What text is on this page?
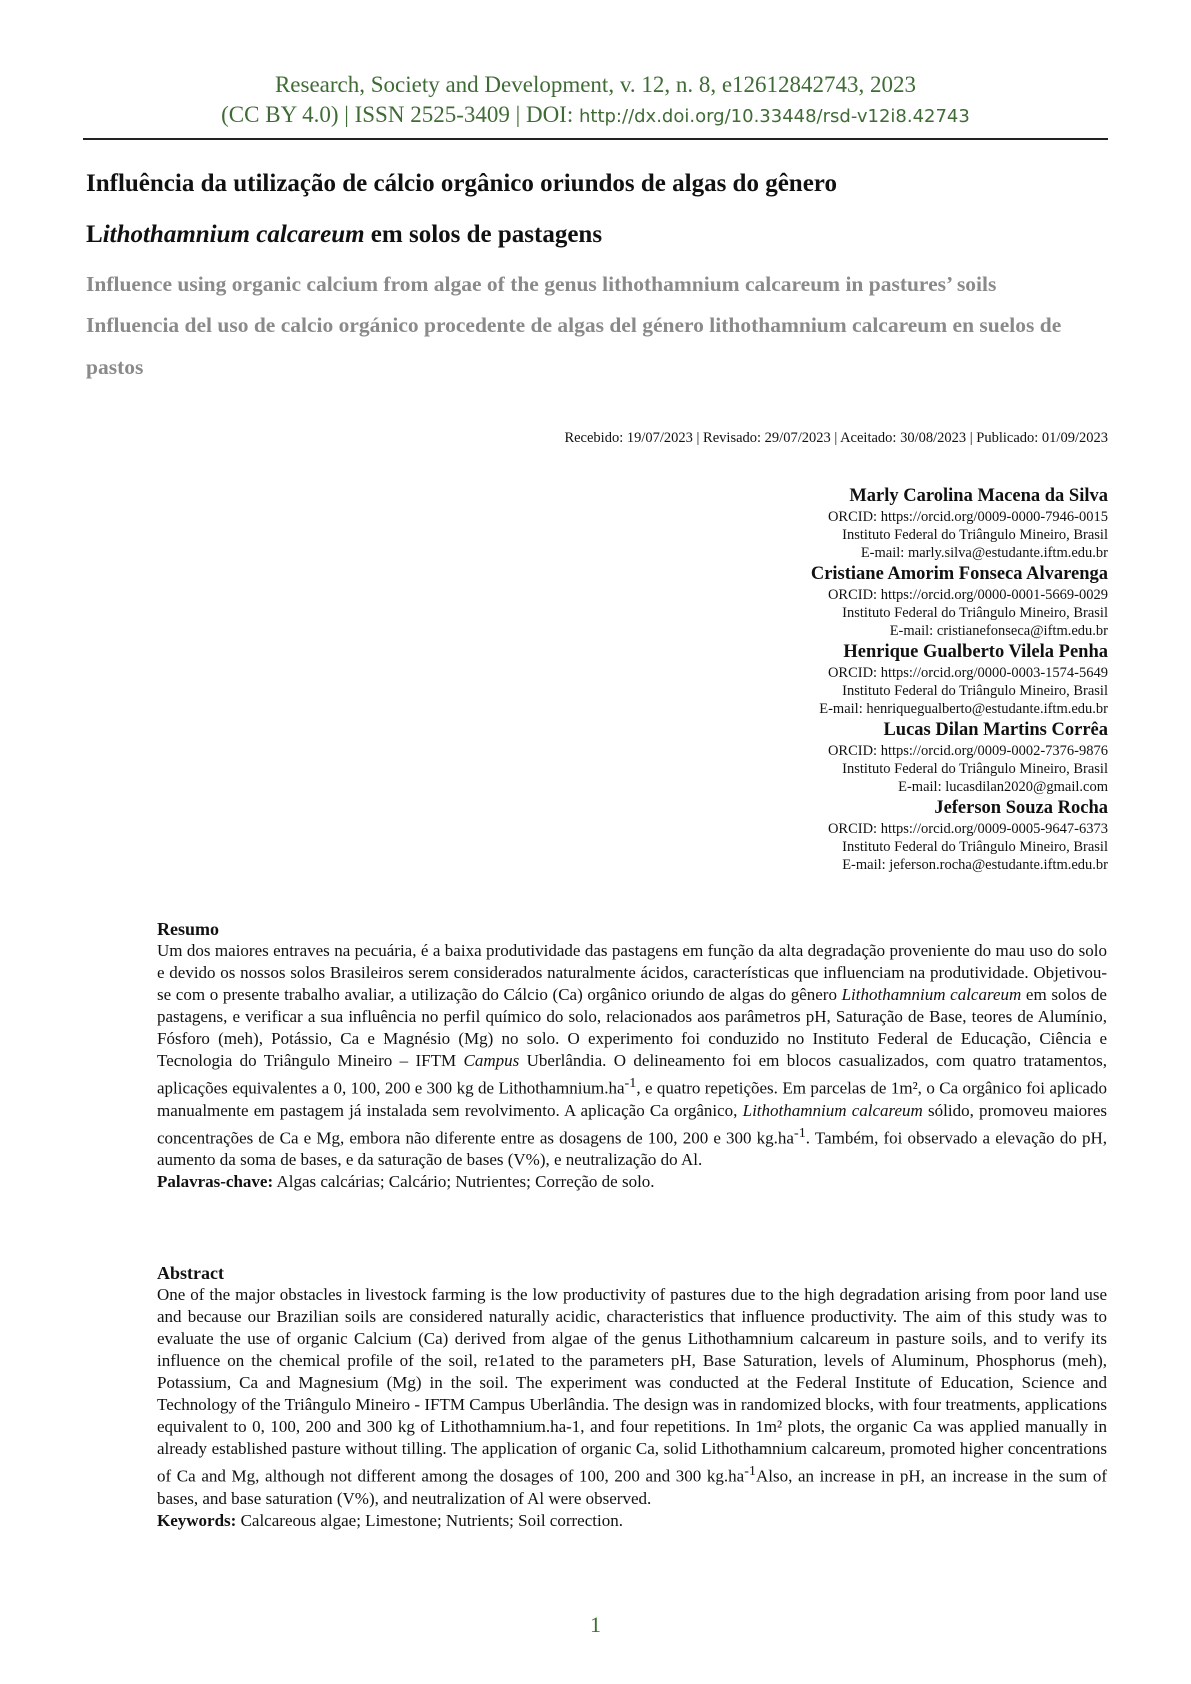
Research, Society and Development, v. 12, n. 8, e12612842743, 2023
(CC BY 4.0) | ISSN 2525-3409 | DOI: http://dx.doi.org/10.33448/rsd-v12i8.42743
Influência da utilização de cálcio orgânico oriundos de algas do gênero
Lithothamnium calcareum em solos de pastagens
Influence using organic calcium from algae of the genus lithothamnium calcareum in pastures’ soils
Influencia del uso de calcio orgánico procedente de algas del género lithothamnium calcareum en suelos de pastos
Recebido: 19/07/2023 | Revisado: 29/07/2023 | Aceitado: 30/08/2023 | Publicado: 01/09/2023
Marly Carolina Macena da Silva
ORCID: https://orcid.org/0009-0000-7946-0015
Instituto Federal do Triângulo Mineiro, Brasil
E-mail: marly.silva@estudante.iftm.edu.br
Cristiane Amorim Fonseca Alvarenga
ORCID: https://orcid.org/0000-0001-5669-0029
Instituto Federal do Triângulo Mineiro, Brasil
E-mail: cristianefonseca@iftm.edu.br
Henrique Gualberto Vilela Penha
ORCID: https://orcid.org/0000-0003-1574-5649
Instituto Federal do Triângulo Mineiro, Brasil
E-mail: henriquegualberto@estudante.iftm.edu.br
Lucas Dilan Martins Corrêa
ORCID: https://orcid.org/0009-0002-7376-9876
Instituto Federal do Triângulo Mineiro, Brasil
E-mail: lucasdilan2020@gmail.com
Jeferson Souza Rocha
ORCID: https://orcid.org/0009-0005-9647-6373
Instituto Federal do Triângulo Mineiro, Brasil
E-mail: jeferson.rocha@estudante.iftm.edu.br
Resumo

Um dos maiores entraves na pecuária, é a baixa produtividade das pastagens em função da alta degradação proveniente do mau uso do solo e devido os nossos solos Brasileiros serem considerados naturalmente ácidos, características que influenciam na produtividade. Objetivou-se com o presente trabalho avaliar, a utilização do Cálcio (Ca) orgânico oriundo de algas do gênero Lithothamnium calcareum em solos de pastagens, e verificar a sua influência no perfil químico do solo, relacionados aos parâmetros pH, Saturação de Base, teores de Alumínio, Fósforo (meh), Potássio, Ca e Magnésio (Mg) no solo. O experimento foi conduzido no Instituto Federal de Educação, Ciência e Tecnologia do Triângulo Mineiro – IFTM Campus Uberlândia. O delineamento foi em blocos casualizados, com quatro tratamentos, aplicações equivalentes a 0, 100, 200 e 300 kg de $Lithothamnium.ha^{-1}$, e quatro repetições. Em parcelas de 1m², o Ca orgânico foi aplicado manualmente em pastagem já instalada sem revolvimento. A aplicação Ca orgânico, Lithothamnium calcareum sólido, promoveu maiores concentrações de Ca e Mg, embora não diferente entre as dosagens de 100, 200 e 300 $kg.ha^{-1}$. Também, foi observado a elevação do pH, aumento da soma de bases, e da saturação de bases (V%), e neutralização do Al.

Palavras-chave: Algas calcárias; Calcário; Nutrientes; Correção de solo.

Abstract

One of the major obstacles in livestock farming is the low productivity of pastures due to the high degradation arising from poor land use and because our Brazilian soils are considered naturally acidic, characteristics that influence productivity. The aim of this study was to evaluate the use of organic Calcium (Ca) derived from algae of the genus Lithothamnium calcareum in pasture soils, and to verify its influence on the chemical profile of the soil, re1ated to the parameters pH, Base Saturation, levels of Aluminum, Phosphorus (meh), Potassium, Ca and Magnesium (Mg) in the soil. The experiment was conducted at the Federal Institute of Education, Science and Technology of the Triângulo Mineiro - IFTM Campus Uberlândia. The design was in randomized blocks, with four treatments, applications equivalent to 0, 100, 200 and 300 kg of Lithothamnium.ha-1, and four repetitions. In 1m² plots, the organic Ca was applied manually in already established pasture without tilling. The application of organic Ca, solid Lithothamnium calcareum, promoted higher concentrations of Ca and Mg, although not different among the dosages of 100, 200 and 300 $kg.ha^{-1}Also$, an increase in pH, an increase in the sum of bases, and base saturation (V%), and neutralization of Al were observed.

Keywords: Calcareous algae; Limestone; Nutrients; Soil correction.

1
